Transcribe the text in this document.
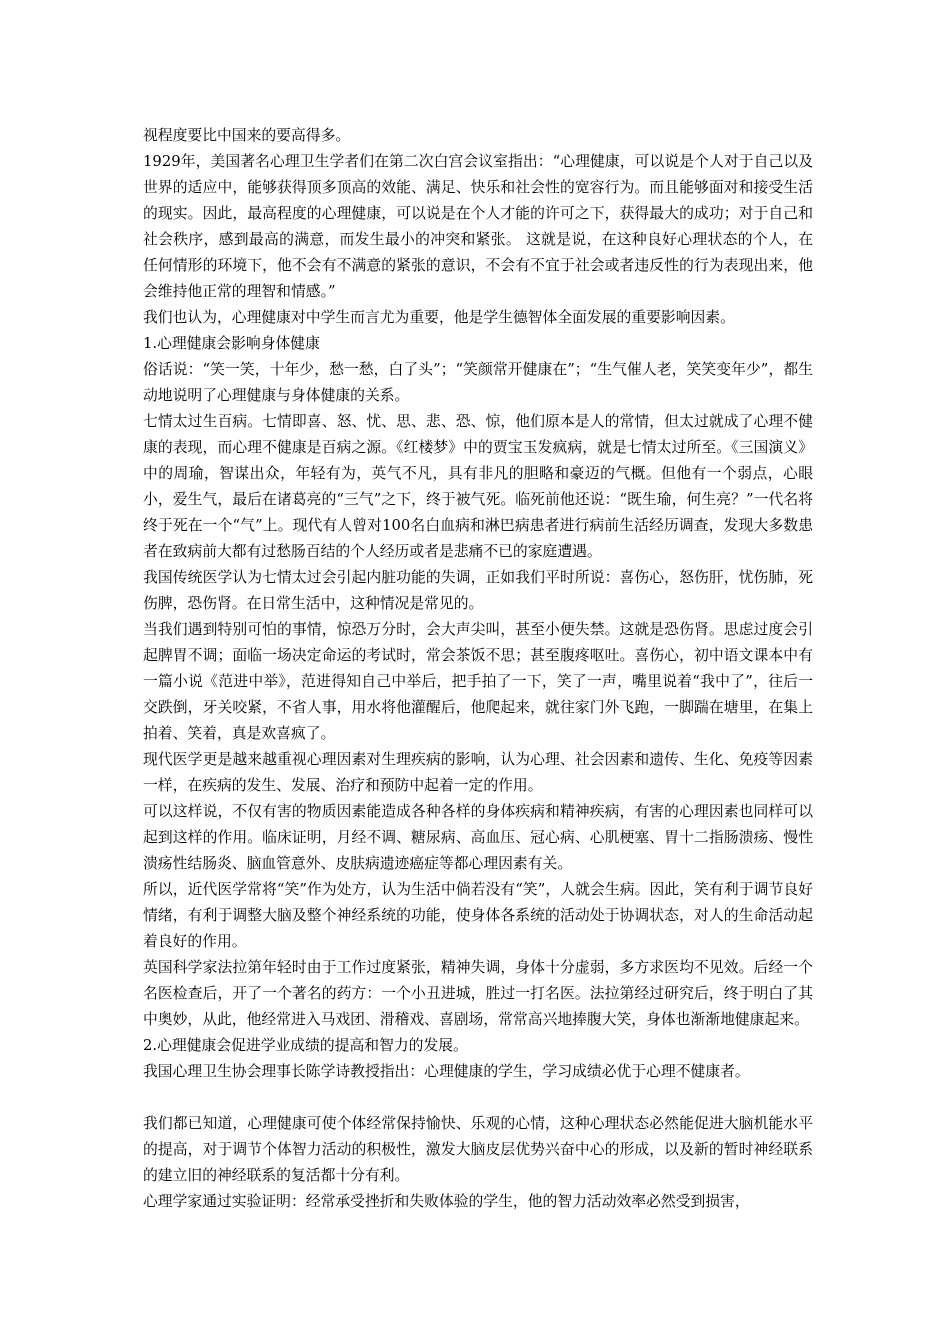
视程度要比中国来的要高得多。

1929年，美国著名心理卫生学者们在第二次白宫会议室指出：“心理健康，可以说是个人对于自己以及世界的适应中，能够获得顶多顶高的效能、满足、快乐和社会性的宽容行为。而且能够面对和接受生活的现实。因此，最高程度的心理健康，可以说是在个人才能的许可之下，获得最大的成功；对于自己和社会秩序，感到最高的满意，而发生最小的冲突和紧张。 这就是说，在这种良好心理状态的个人，在任何情形的环境下，他不会有不满意的紧张的意识，不会有不宜于社会或者违反性的行为表现出来，他会维持他正常的理智和情感。”

我们也认为，心理健康对中学生而言尤为重要，他是学生德智体全面发展的重要影响因素。

1.心理健康会影响身体健康

俗话说：“笑一笑，十年少，愁一愁，白了头”；“笑颜常开健康在”；“生气催人老，笑笑变年少”，都生动地说明了心理健康与身体健康的关系。

七情太过生百病。七情即喜、怒、忧、思、悲、恐、惊，他们原本是人的常情，但太过就成了心理不健康的表现，而心理不健康是百病之源。《红楼梦》中的贾宝玉发疯病，就是七情太过所至。《三国演义》中的周瑜，智谋出众，年轻有为，英气不凡，具有非凡的胆略和豪迈的气概。但他有一个弱点，心眼小，爱生气，最后在诸葛亮的“三气”之下，终于被气死。临死前他还说：“既生瑜，何生亮？”一代名将终于死在一个“气”上。现代有人曾对100名白血病和淋巴病患者进行病前生活经历调查，发现大多数患者在致病前大都有过愁肠百结的个人经历或者是悲痛不已的家庭遭遇。

我国传统医学认为七情太过会引起内脏功能的失调，正如我们平时所说：喜伤心，怒伤肝，忧伤肺，死伤脾，恐伤肾。在日常生活中，这种情况是常见的。

当我们遇到特别可怕的事情，惊恐万分时，会大声尖叫，甚至小便失禁。这就是恐伤肾。思虑过度会引起脾胃不调；面临一场决定命运的考试时，常会茶饭不思；甚至腹疼呕吐。喜伤心，初中语文课本中有一篇小说《范进中举》，范进得知自己中举后，把手拍了一下，笑了一声，嘴里说着“我中了”，往后一交跌倒，牙关咬紧，不省人事，用水将他灌醒后，他爬起来，就往家门外飞跑，一脚踹在塘里，在集上拍着、笑着，真是欢喜疯了。

现代医学更是越来越重视心理因素对生理疾病的影响，认为心理、社会因素和遗传、生化、免疫等因素一样，在疾病的发生、发展、治疗和预防中起着一定的作用。

可以这样说，不仅有害的物质因素能造成各种各样的身体疾病和精神疾病，有害的心理因素也同样可以起到这样的作用。临床证明，月经不调、糖尿病、高血压、冠心病、心肌梗塞、胃十二指肠溃疡、慢性溃疡性结肠炎、脑血管意外、皮肤病遗迹癌症等都心理因素有关。

所以，近代医学常将“笑”作为处方，认为生活中倘若没有“笑”，人就会生病。因此，笑有利于调节良好情绪，有利于调整大脑及整个神经系统的功能，使身体各系统的活动处于协调状态，对人的生命活动起着良好的作用。

英国科学家法拉第年轻时由于工作过度紧张，精神失调，身体十分虚弱，多方求医均不见效。后经一个名医检查后，开了一个著名的药方：一个小丑进城，胜过一打名医。法拉第经过研究后，终于明白了其中奥妙，从此，他经常进入马戏团、滑稽戏、喜剧场，常常高兴地捧腹大笑，身体也渐渐地健康起来。

2.心理健康会促进学业成绩的提高和智力的发展。

我国心理卫生协会理事长陈学诗教授指出：心理健康的学生，学习成绩必优于心理不健康者。

我们都已知道，心理健康可使个体经常保持愉快、乐观的心情，这种心理状态必然能促进大脑机能水平的提高，对于调节个体智力活动的积极性，激发大脑皮层优势兴奋中心的形成，以及新的暂时神经联系的建立旧的神经联系的复活都十分有利。

心理学家通过实验证明：经常承受挫折和失败体验的学生，他的智力活动效率必然受到损害，
